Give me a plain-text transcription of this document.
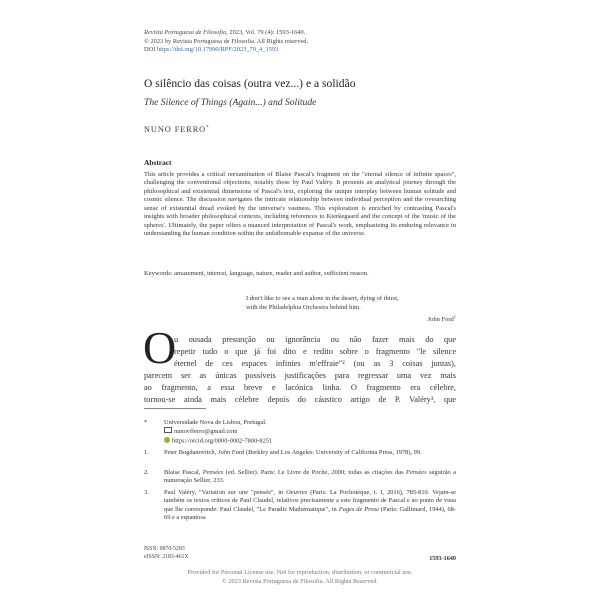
Revista Portuguesa de Filosofia, 2023, Vol. 79 (4): 1593-1640.
© 2023 by Revista Portuguesa de Filosofia. All Rights reserved.
DOI https://doi.org/10.17990/RPF/2023_79_4_1593
O silêncio das coisas (outra vez...) e a solidão
The Silence of Things (Again...) and Solitude
NUNO FERRO*
Abstract
This article provides a critical reexamination of Blaise Pascal's fragment on the "eternal silence of infinite spaces", challenging the conventional objections, notably those by Paul Valéry. It presents an analytical journey through the philosophical and existential dimensions of Pascal's text, exploring the unique interplay between human solitude and cosmic silence. The discussion navigates the intricate relationship between individual perception and the overarching sense of existential dread evoked by the universe's vastness. This exploration is enriched by contrasting Pascal's insights with broader philosophical contexts, including references to Kierkegaard and the concept of the 'music of the spheres'. Ultimately, the paper offers a nuanced interpretation of Pascal's work, emphasizing its enduring relevance in understanding the human condition within the unfathomable expanse of the universe.
Keywords: amazement, interest, language, nature, reader and author, sufficient reason.
I don't like to see a man alone in the desert, dying of thirst,
with the Philadelphia Orchestra behind him.
John Ford$^1$
O
u ousada presunção ou ignorância ou não fazer mais do que
repetir tudo o que já foi dito e redito sobre o fragmento "le silence
éternel de ces espaces infinies m'effraie"² (ou as 3 coisas juntas),
parecem ser as únicas possíveis justificações para regressar uma vez mais
ao fragmento, a essa breve e lacónica linha. O fragmento era célebre,
tornou-se ainda mais célebre depois do cáustico artigo de P. Valéry³, que
*	Universidade Nova de Lisboa, Portugal.
nunovfferro@gmail.com
https://orcid.org/0000-0002-7800-8251
1. Peter Bogdanovitch, John Ford (Berkley and Los Angeles: University of California Press, 1978), 99.
2. Blaise Pascal, Pensées (ed. Sellier). Paris: Le Livre de Poche, 2000; todas as citações das Pensées seguirão a numeração Sellier, 233.
3. Paul Valéry, "Variation sur une "pensée", in Oeuvres (Paris: La Pochotèque, t. I, 2016), 785-810. Vejam-se também os textos críticos de Paul Claudel, relativos precisamente a este fragmento de Pascal e ao ponto de vista que lhe corresponde: Paul Claudel, "Le Paradis Mathématique", in Pages de Prose (Paris: Gallimard, 1944), 68-69 e a espantosa
ISSN: 0870-5283
eISSN: 2183-461X	1593-1640
Provided for Personal License use. Not for reproduction, distribution, or commercial use.
© 2023 Revista Portuguesa de Filosofia. All Rights Reserved.
